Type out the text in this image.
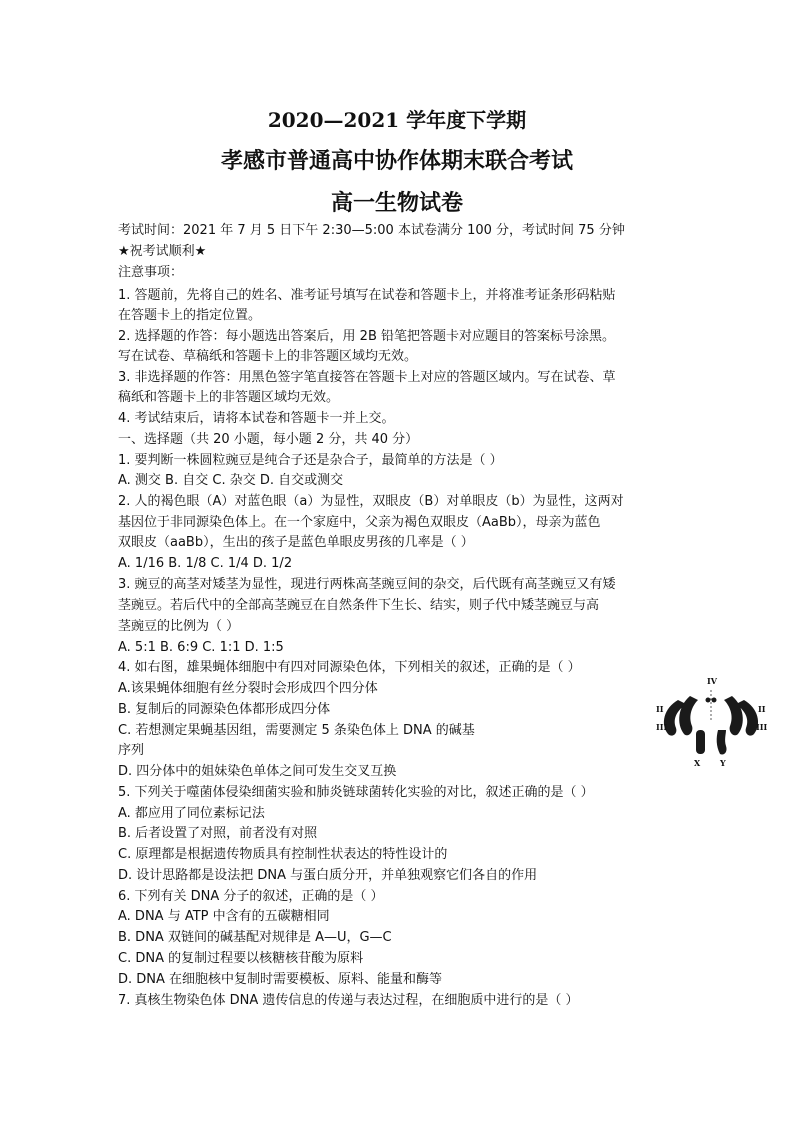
2020—2021 学年度下学期
孝感市普通高中协作体期末联合考试
高一生物试卷
考试时间：2021 年 7 月 5 日下午 2:30—5:00 本试卷满分 100 分，考试时间 75 分钟
★祝考试顺利★
注意事项：
1. 答题前，先将自己的姓名、准考证号填写在试卷和答题卡上，并将准考证条形码粘贴
在答题卡上的指定位置。
2. 选择题的作答：每小题选出答案后，用 2B 铅笔把答题卡对应题目的答案标号涂黑。
写在试卷、草稿纸和答题卡上的非答题区域均无效。
3. 非选择题的作答：用黑色签字笔直接答在答题卡上对应的答题区域内。写在试卷、草
稿纸和答题卡上的非答题区域均无效。
4. 考试结束后，请将本试卷和答题卡一并上交。
一、选择题（共 20 小题，每小题 2 分，共 40 分）
1. 要判断一株圆粒豌豆是纯合子还是杂合子，最简单的方法是（ ）
A. 测交 B. 自交 C. 杂交 D. 自交或测交
2. 人的褐色眼（A）对蓝色眼（a）为显性，双眼皮（B）对单眼皮（b）为显性，这两对
基因位于非同源染色体上。在一个家庭中，父亲为褐色双眼皮（AaBb），母亲为蓝色
双眼皮（aaBb），生出的孩子是蓝色单眼皮男孩的几率是（ ）
A. 1/16 B. 1/8 C. 1/4 D. 1/2
3. 豌豆的高茎对矮茎为显性，现进行两株高茎豌豆间的杂交，后代既有高茎豌豆又有矮
茎豌豆。若后代中的全部高茎豌豆在自然条件下生长、结实，则子代中矮茎豌豆与高
茎豌豆的比例为（ ）
A. 5:1 B. 6:9 C. 1:1 D. 1:5
4. 如右图，雄果蝇体细胞中有四对同源染色体，下列相关的叙述，正确的是（ ）
A.该果蝇体细胞有丝分裂时会形成四个四分体
B. 复制后的同源染色体都形成四分体
C. 若想测定果蝇基因组，需要测定 5 条染色体上 DNA 的碱基
序列
D. 四分体中的姐妹染色单体之间可发生交叉互换
5. 下列关于噬菌体侵染细菌实验和肺炎链球菌转化实验的对比，叙述正确的是（ ）
A. 都应用了同位素标记法
B. 后者设置了对照，前者没有对照
C. 原理都是根据遗传物质具有控制性状表达的特性设计的
D. 设计思路都是设法把 DNA 与蛋白质分开，并单独观察它们各自的作用
6. 下列有关 DNA 分子的叙述，正确的是（ ）
A. DNA 与 ATP 中含有的五碳糖相同
B. DNA 双链间的碱基配对规律是 A—U，G—C
C. DNA 的复制过程要以核糖核苷酸为原料
D. DNA 在细胞核中复制时需要模板、原料、能量和酶等
7. 真核生物染色体 DNA 遗传信息的传递与表达过程，在细胞质中进行的是（ ）
IV
II
III
II
III
X Y
